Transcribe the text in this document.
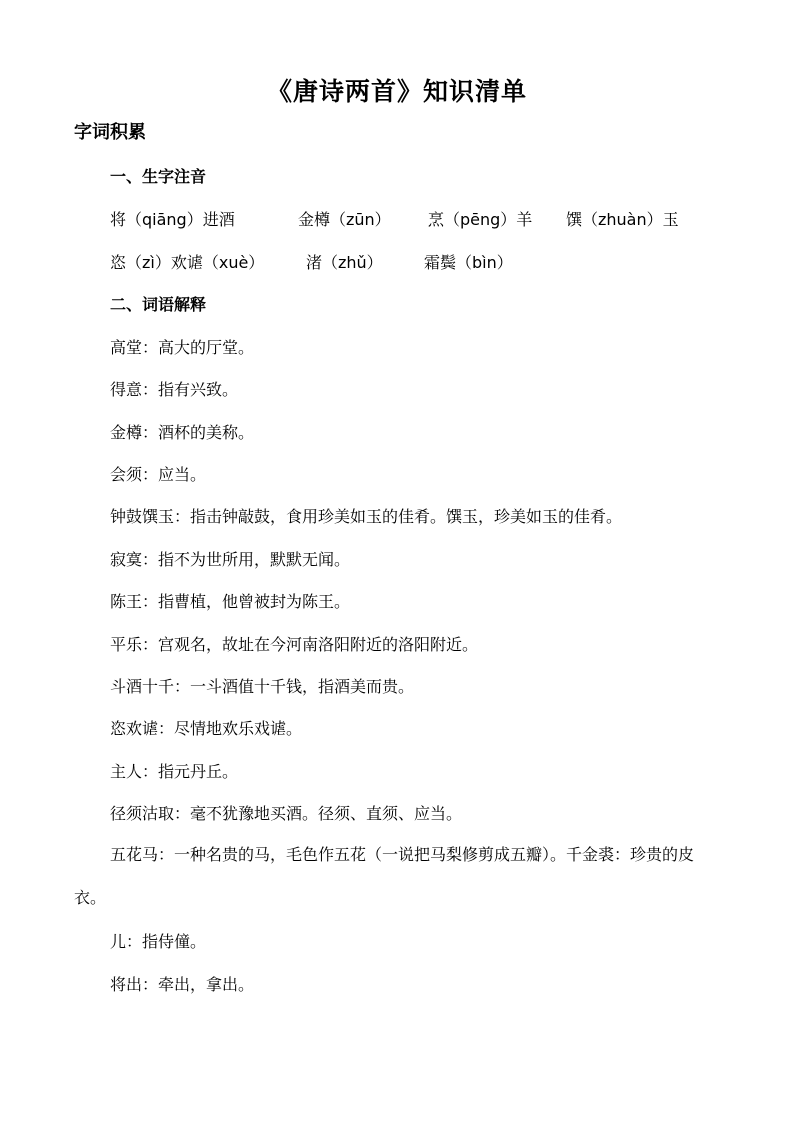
《唐诗两首》知识清单
字词积累
一、生字注音
将（qiāng）进酒	金樽（zūn） 烹（pēng）羊 馔（zhuàn）玉
恣（zì）欢谑（xuè）	渚（zhǔ）	霜鬓（bìn）
二、词语解释
高堂：高大的厅堂。
得意：指有兴致。
金樽：酒杯的美称。
会须：应当。
钟鼓馔玉：指击钟敲鼓，食用珍美如玉的佳肴。馔玉，珍美如玉的佳肴。
寂寞：指不为世所用，默默无闻。
陈王：指曹植，他曾被封为陈王。
平乐：宫观名，故址在今河南洛阳附近的洛阳附近。
斗酒十千：一斗酒值十千钱，指酒美而贵。
恣欢谑：尽情地欢乐戏谑。
主人：指元丹丘。
径须沽取：毫不犹豫地买酒。径须、直须、应当。
五花马：一种名贵的马，毛色作五花（一说把马梨修剪成五瓣）。千金裘：珍贵的皮衣。
儿：指侍僮。
将出：牵出，拿出。
